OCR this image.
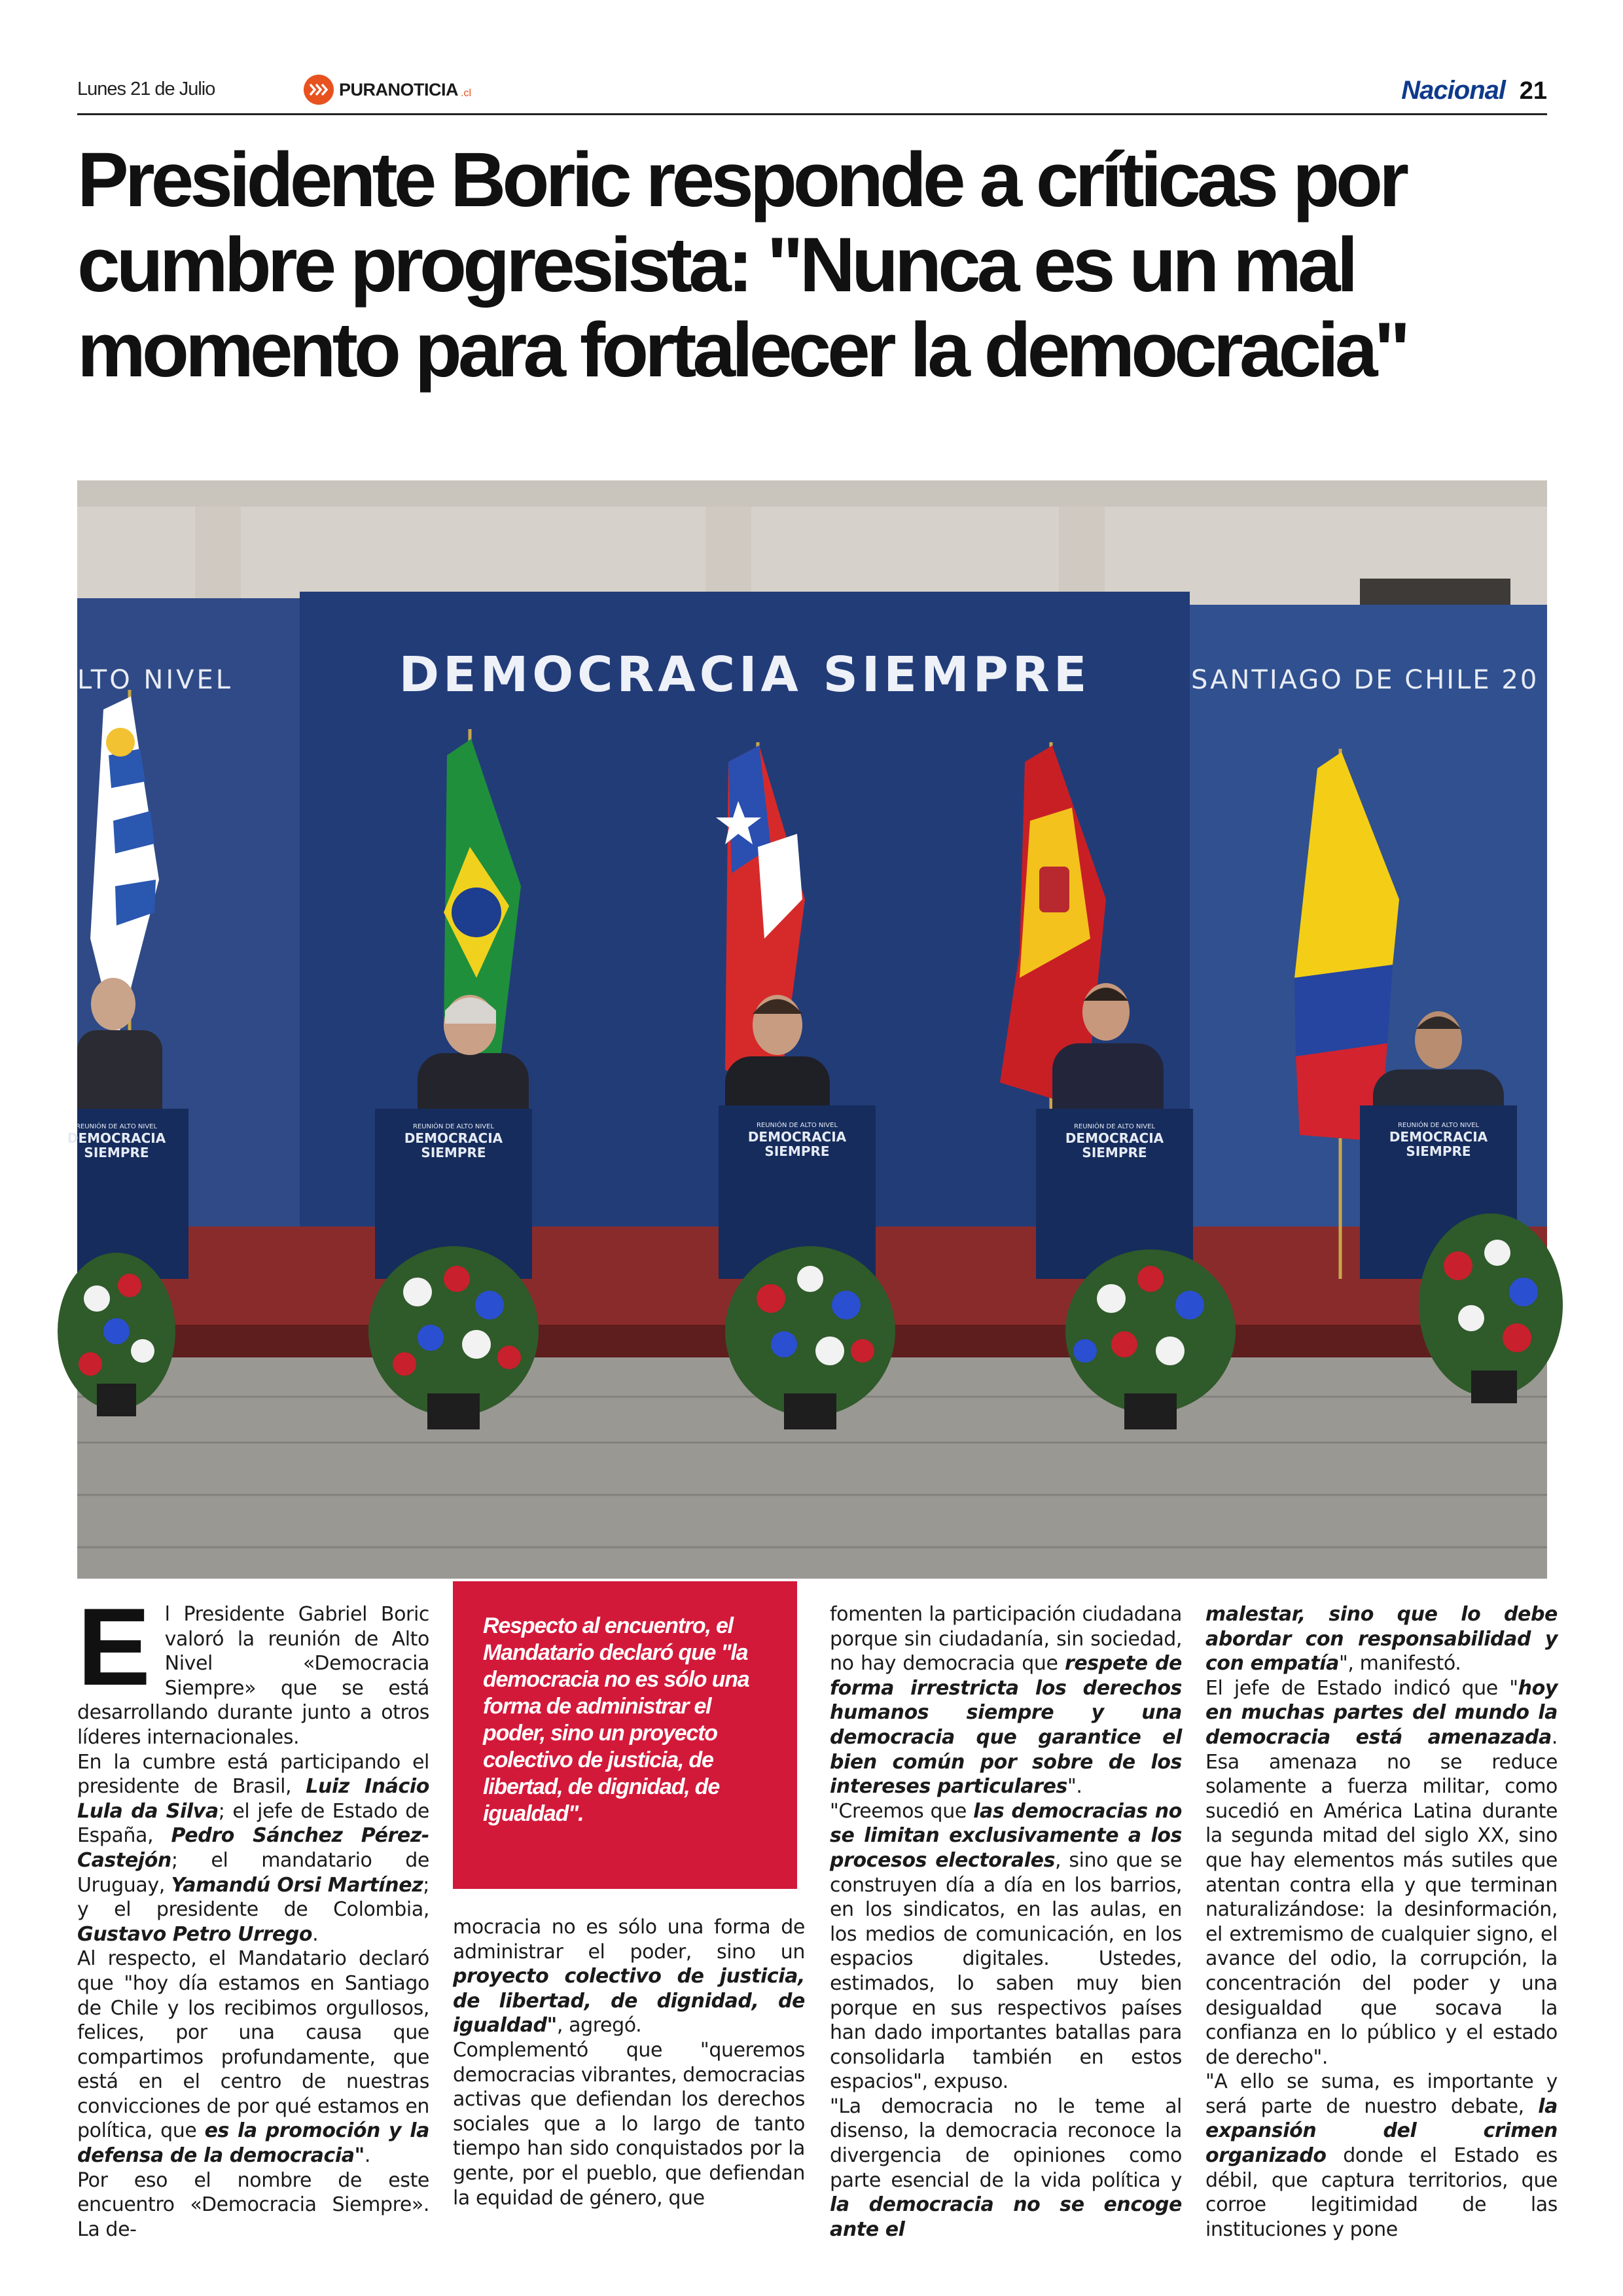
Lunes 21 de Julio	PURANOTICIA .cl	Nacional 21
Presidente Boric responde a críticas por cumbre progresista: "Nunca es un mal momento para fortalecer la democracia"
LTO NIVEL	DEMOCRACIA SIEMPRE	SANTIAGO DE CHILE 20
REUNIÓN DE ALTO NIVEL
DEMOCRACIA
SIEMPRE
REUNIÓN DE ALTO NIVEL
DEMOCRACIA
SIEMPRE
REUNIÓN DE ALTO NIVEL
DEMOCRACIA
SIEMPRE
REUNIÓN DE ALTO NIVEL
DEMOCRACIA
SIEMPRE
REUNIÓN DE ALTO NIVEL
DEMOCRACIA
SIEMPRE
E l Presidente Gabriel Boric valoró la reunión de Alto Nivel «Democracia Siempre» que se está desarrollando durante junto a otros líderes internacionales.

En la cumbre está participando el presidente de Brasil, Luiz Inácio Lula da Silva; el jefe de Estado de España, Pedro Sánchez Pérez-Castejón; el mandatario de Uruguay, Yamandú Orsi Martínez; y el presidente de Colombia, Gustavo Petro Urrego.

Al respecto, el Mandatario declaró que "hoy día estamos en Santiago de Chile y los recibimos orgullosos, felices, por una causa que compartimos profundamente, que está en el centro de nuestras convicciones de por qué estamos en política, que es la promoción y la defensa de la democracia".

Por eso el nombre de este encuentro «Democracia Siempre». La de-

Respecto al encuentro, el Mandatario declaró que "la democracia no es sólo una forma de administrar el poder, sino un proyecto colectivo de justicia, de libertad, de dignidad, de igualdad".

mocracia no es sólo una forma de administrar el poder, sino un proyecto colectivo de justicia, de libertad, de dignidad, de igualdad", agregó.

Complementó que "queremos democracias vibrantes, democracias activas que defiendan los derechos sociales que a lo largo de tanto tiempo han sido conquistados por la gente, por el pueblo, que defiendan la equidad de género, que

fomenten la participación ciudadana porque sin ciudadanía, sin sociedad, no hay democracia que respete de forma irrestricta los derechos humanos siempre y una democracia que garantice el bien común por sobre de los intereses particulares".

"Creemos que las democracias no se limitan exclusivamente a los procesos electorales, sino que se construyen día a día en los barrios, en los sindicatos, en las aulas, en los medios de comunicación, en los espacios digitales. Ustedes, estimados, lo saben muy bien porque en sus respectivos países han dado importantes batallas para consolidarla también en estos espacios", expuso.

"La democracia no le teme al disenso, la democracia reconoce la divergencia de opiniones como parte esencial de la vida política y la democracia no se encoge ante el

malestar, sino que lo debe abordar con responsabilidad y con empatía", manifestó.

El jefe de Estado indicó que "hoy en muchas partes del mundo la democracia está amenazada. Esa amenaza no se reduce solamente a fuerza militar, como sucedió en América Latina durante la segunda mitad del siglo XX, sino que hay elementos más sutiles que atentan contra ella y que terminan naturalizándose: la desinformación, el extremismo de cualquier signo, el avance del odio, la corrupción, la concentración del poder y una desigualdad que socava la confianza en lo público y el estado de derecho".

"A ello se suma, es importante y será parte de nuestro debate, la expansión del crimen organizado donde el Estado es débil, que captura territorios, que corroe legitimidad de las instituciones y pone
